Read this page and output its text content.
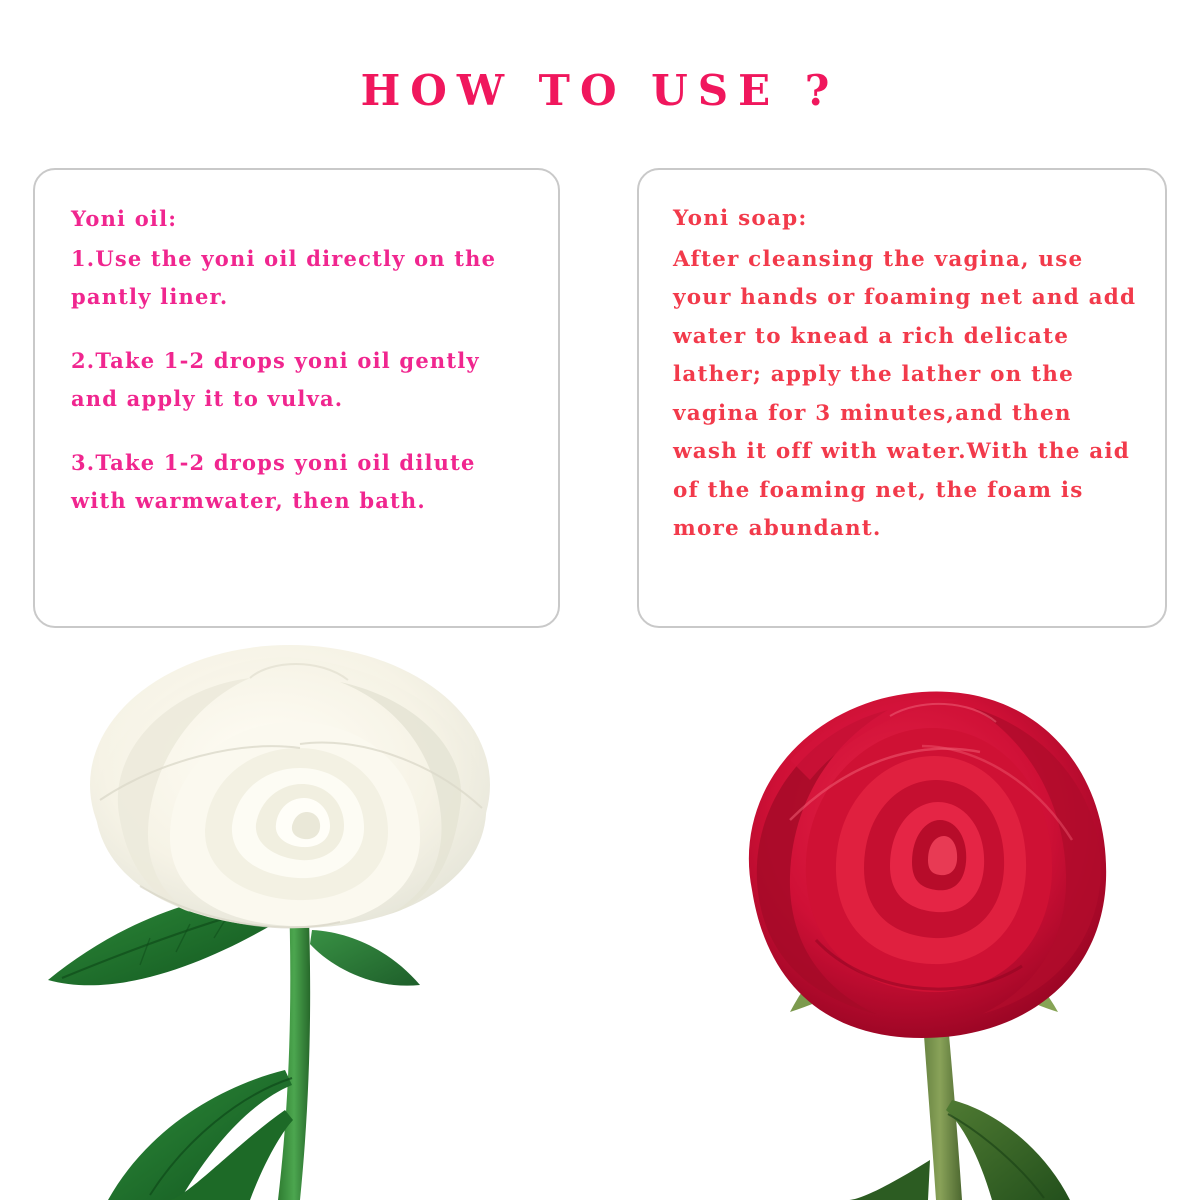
HOW TO USE ?

Yoni oil:

1.Use the yoni oil directly on the pantly liner.

2.Take 1-2 drops yoni oil gently and apply it to vulva.

3.Take 1-2 drops yoni oil dilute with warmwater, then bath.

Yoni soap:

After cleansing the vagina, use your hands or foaming net and add water to knead a rich delicate lather; apply the lather on the vagina for 3 minutes,and then wash it off with water.With the aid of the foaming net, the foam is more abundant.
